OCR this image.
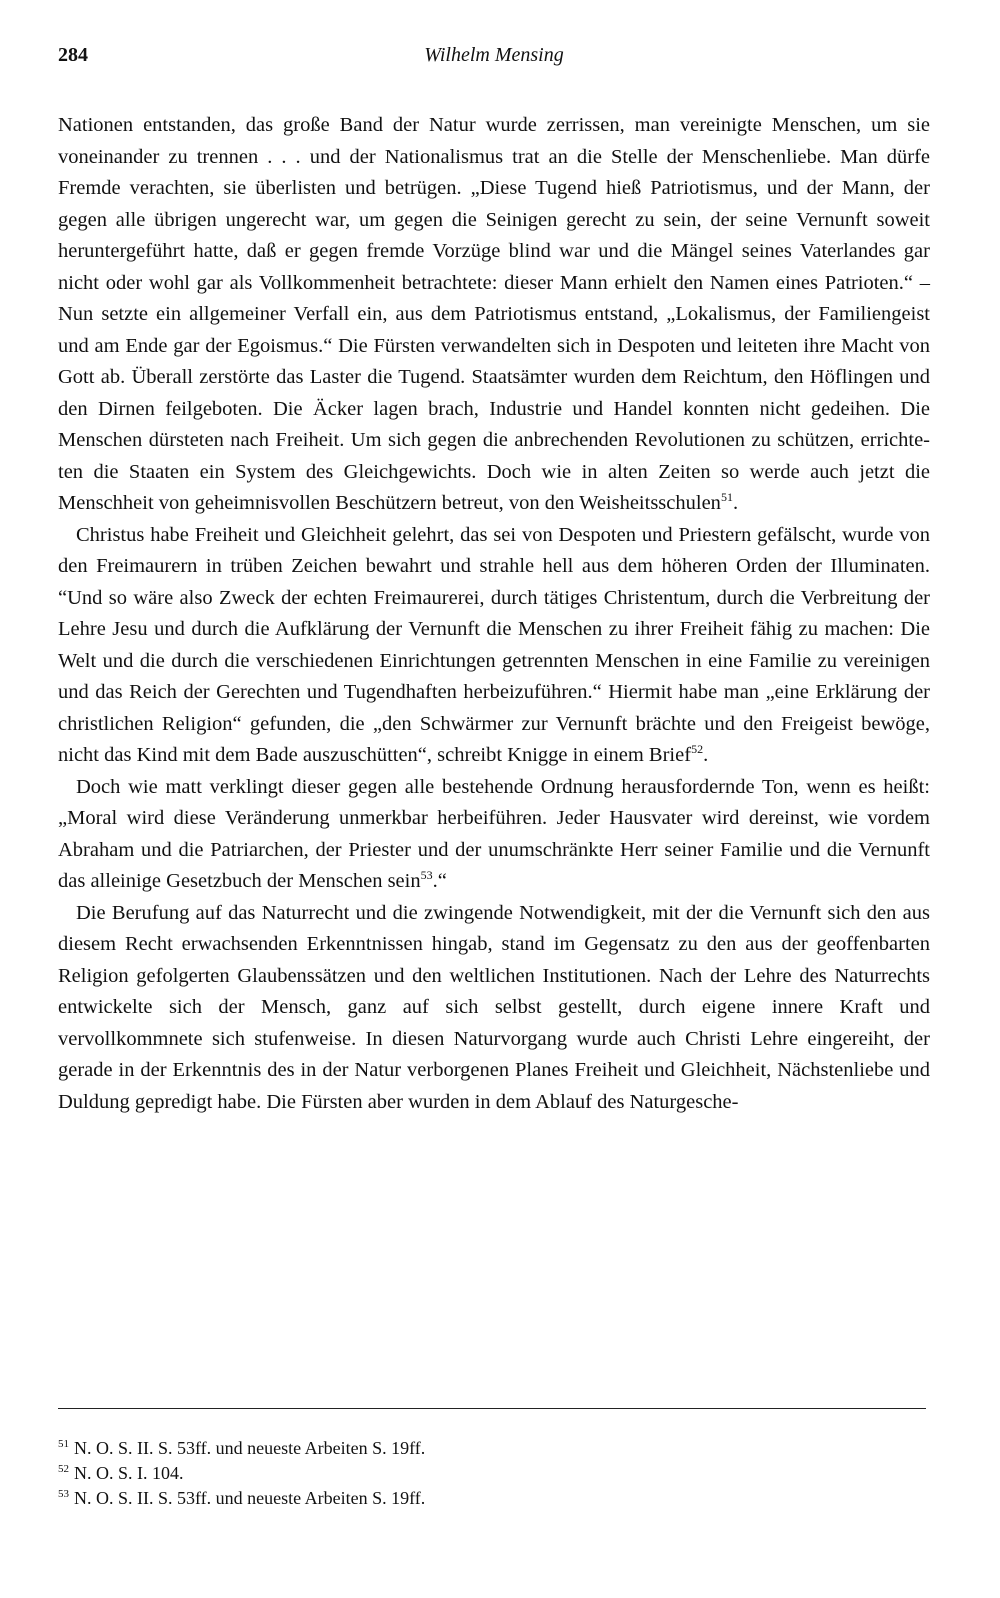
284	Wilhelm Mensing

Nationen entstanden, das große Band der Natur wurde zerrissen, man vereinigte Menschen, um sie voneinander zu trennen . . . und der Nationalismus trat an die Stelle der Menschenliebe. Man dürfe Fremde verachten, sie überlisten und betrügen. „Diese Tugend hieß Patriotismus, und der Mann, der gegen alle übrigen ungerecht war, um gegen die Seinigen gerecht zu sein, der seine Vernunft soweit heruntergeführt hatte, daß er gegen fremde Vorzüge blind war und die Mängel seines Vaterlandes gar nicht oder wohl gar als Vollkommenheit betrachtete: dieser Mann erhielt den Namen eines Patrioten.“ – Nun setzte ein allgemeiner Verfall ein, aus dem Patriotismus entstand, „Lokalismus, der Familiengeist und am Ende gar der Egoismus.“ Die Fürsten verwandelten sich in Despoten und leiteten ihre Macht von Gott ab. Überall zerstörte das Laster die Tugend. Staatsämter wurden dem Reichtum, den Höflingen und den Dirnen feilgeboten. Die Äcker lagen brach, Industrie und Handel konnten nicht gedeihen. Die Menschen dürsteten nach Freiheit. Um sich gegen die anbrechenden Revolutionen zu schützen, errichteten die Staaten ein System des Gleichgewichts. Doch wie in alten Zeiten so werde auch jetzt die Menschheit von geheimnisvollen Beschützern betreut, von den Weisheitsschulen$^{51}$.

Christus habe Freiheit und Gleichheit gelehrt, das sei von Despoten und Priestern gefälscht, wurde von den Freimaurern in trüben Zeichen bewahrt und strahle hell aus dem höheren Orden der Illuminaten. “Und so wäre also Zweck der echten Freimaurerei, durch tätiges Christentum, durch die Verbreitung der Lehre Jesu und durch die Aufklärung der Vernunft die Menschen zu ihrer Freiheit fähig zu machen: Die Welt und die durch die verschiedenen Einrichtungen getrennten Menschen in eine Familie zu vereinigen und das Reich der Gerechten und Tugendhaften herbeizuführen.“ Hiermit habe man „eine Erklärung der christlichen Religion“ gefunden, die „den Schwärmer zur Vernunft brächte und den Freigeist bewöge, nicht das Kind mit dem Bade auszuschütten“, schreibt Knigge in einem Brief$^{52}$.

Doch wie matt verklingt dieser gegen alle bestehende Ordnung herausfordernde Ton, wenn es heißt: „Moral wird diese Veränderung unmerkbar herbeiführen. Jeder Hausvater wird dereinst, wie vordem Abraham und die Patriarchen, der Priester und der unumschränkte Herr seiner Familie und die Vernunft das alleinige Gesetzbuch der Menschen sein$^{53}$.“

Die Berufung auf das Naturrecht und die zwingende Notwendigkeit, mit der die Vernunft sich den aus diesem Recht erwachsenden Erkenntnissen hingab, stand im Gegensatz zu den aus der geoffenbarten Religion gefolgerten Glaubenssätzen und den weltlichen Institutionen. Nach der Lehre des Naturrechts entwickelte sich der Mensch, ganz auf sich selbst gestellt, durch eigene innere Kraft und vervollkommnete sich stufenweise. In diesen Naturvorgang wurde auch Christi Lehre eingereiht, der gerade in der Erkenntnis des in der Natur verborgenen Planes Freiheit und Gleichheit, Nächstenliebe und Duldung gepredigt habe. Die Fürsten aber wurden in dem Ablauf des Naturgesche-

51 N. O. S. II. S. 53ff. und neueste Arbeiten S. 19ff.
52 N. O. S. I. 104.
53 N. O. S. II. S. 53ff. und neueste Arbeiten S. 19ff.
